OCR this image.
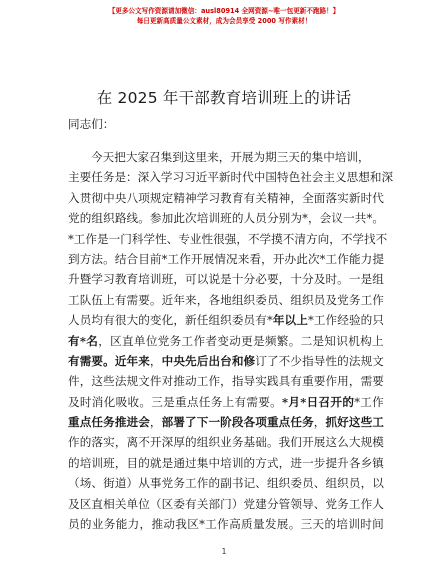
【更多公文写作资源请加微信：ausl80914 全网资源~唯一包更新不跑路！】
每日更新高质量公文素材，成为会员享受 2000 写作素材！
在 2025 年干部教育培训班上的讲话
同志们：
今 天 把 大 家 召 集 到 这 里 来 ， 开 展 为 期 三 天 的 集 中 培 训 ，
主 要 任 务 是 ： 深 入 学 习 习 近 平 新 时 代 中 国 特 色 社 会 主 义 思 想 和 深
入 贯 彻 中 央 八 项 规 定 精 神 学 习 教 育 有 关 精 神 ， 全 面 落 实 新 时 代
党 的 组 织 路 线 。 参 加 此 次 培 训 班 的 人 员 分 别 为 * ， 会 议 一 共 * 。
* 工 作 是 一 门 科 学 性 、 专 业 性 很 强 ， 不 学 摸 不 清 方 向 ， 不 学 找 不
到 方 法 。 结 合 目 前 * 工 作 开 展 情 况 来 看 ， 开 办 此 次 * 工 作 能 力 提
升 暨 学 习 教 育 培 训 班 ， 可 以 说 是 十 分 必 要 ， 十 分 及 时 。 一 是 组
工 队 伍 上 有 需 要 。 近 年 来 ， 各 地 组 织 委 员 、 组 织 员 及 党 务 工 作
人 员 均 有 很 大 的 变 化 ， 新 任 组 织 委 员 有 * 年 以 上 * 工 作 经 验 的 只
有 * 名 ， 区 直 单 位 党 务 工 作 者 变 动 更 是 频 繁 。 二 是 知 识 机 构 上
有 需 要 。 近 年 来 ， 中 央 先 后 出 台 和 修 订 了 不 少 指 导 性 的 法 规 文
件 ， 这 些 法 规 文 件 对 推 动 工 作 ， 指 导 实 践 具 有 重 要 作 用 ， 需 要
及 时 消 化 吸 收 。 三 是 重 点 任 务 上 有 需 要 。 * 月 * 日 召 开 的 * 工 作
重 点 任 务 推 进 会 ， 部 署 了 下 一 阶 段 各 项 重 点 任 务 ， 抓 好 这 些 工
作 的 落 实 ， 离 不 开 深 厚 的 组 织 业 务 基 础 。 我 们 开 展 这 么 大 规 模
的 培 训 班 ， 目 的 就 是 通 过 集 中 培 训 的 方 式 ， 进 一 步 提 升 各 乡 镇
（ 场 、 街 道 ） 从 事 党 务 工 作 的 副 书 记 、 组 织 委 员 、 组 织 员 ， 以
及 区 直 相 关 单 位 （ 区 委 有 关 部 门 ） 党 建 分 管 领 导 、 党 务 工 作 人
员 的 业 务 能 力 ， 推 动 我 区 * 工 作 高 质 量 发 展 。 三 天 的 培 训 时 间
1
